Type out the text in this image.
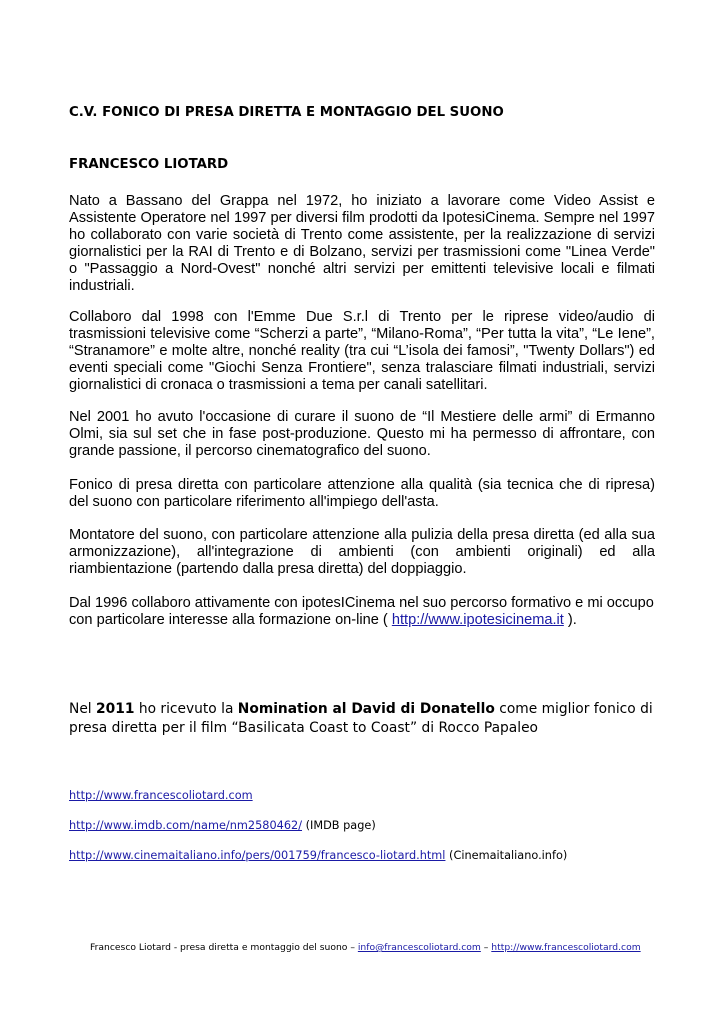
C.V. FONICO DI PRESA DIRETTA E MONTAGGIO DEL SUONO
FRANCESCO LIOTARD

Nato a Bassano del Grappa nel 1972, ho iniziato a lavorare come Video Assist e Assistente Operatore nel 1997 per diversi film prodotti da IpotesiCinema. Sempre nel 1997 ho collaborato con varie società di Trento come assistente, per la realizzazione di servizi giornalistici per la RAI di Trento e di Bolzano, servizi per trasmissioni come "Linea Verde" o "Passaggio a Nord-Ovest" nonché altri servizi per emittenti televisive locali e filmati industriali.

Collaboro dal 1998 con l'Emme Due S.r.l di Trento per le riprese video/audio di trasmissioni televisive come “Scherzi a parte”, “Milano-Roma”, “Per tutta la vita”, “Le Iene”, “Stranamore” e molte altre, nonché reality (tra cui “L’isola dei famosi”, "Twenty Dollars") ed eventi speciali come "Giochi Senza Frontiere", senza tralasciare filmati industriali, servizi giornalistici di cronaca o trasmissioni a tema per canali satellitari.

Nel 2001 ho avuto l'occasione di curare il suono de “Il Mestiere delle armi” di Ermanno Olmi, sia sul set che in fase post-produzione. Questo mi ha permesso di affrontare, con grande passione, il percorso cinematografico del suono.

Fonico di presa diretta con particolare attenzione alla qualità (sia tecnica che di ripresa) del suono con particolare riferimento all'impiego dell'asta.

Montatore del suono, con particolare attenzione alla pulizia della presa diretta (ed alla sua armonizzazione), all'integrazione di ambienti (con ambienti originali) ed alla riambientazione (partendo dalla presa diretta) del doppiaggio.

Dal 1996 collaboro attivamente con ipotesICinema nel suo percorso formativo e mi occupo con particolare interesse alla formazione on-line ( http://www.ipotesicinema.it ).

Nel 2011 ho ricevuto la Nomination al David di Donatello come miglior fonico di presa diretta per il film “Basilicata Coast to Coast” di Rocco Papaleo

http://www.francescoliotard.com
http://www.imdb.com/name/nm2580462/ (IMDB page)
http://www.cinemaitaliano.info/pers/001759/francesco-liotard.html (Cinemaitaliano.info)
Francesco Liotard - presa diretta e montaggio del suono – info@francescoliotard.com – http://www.francescoliotard.com
